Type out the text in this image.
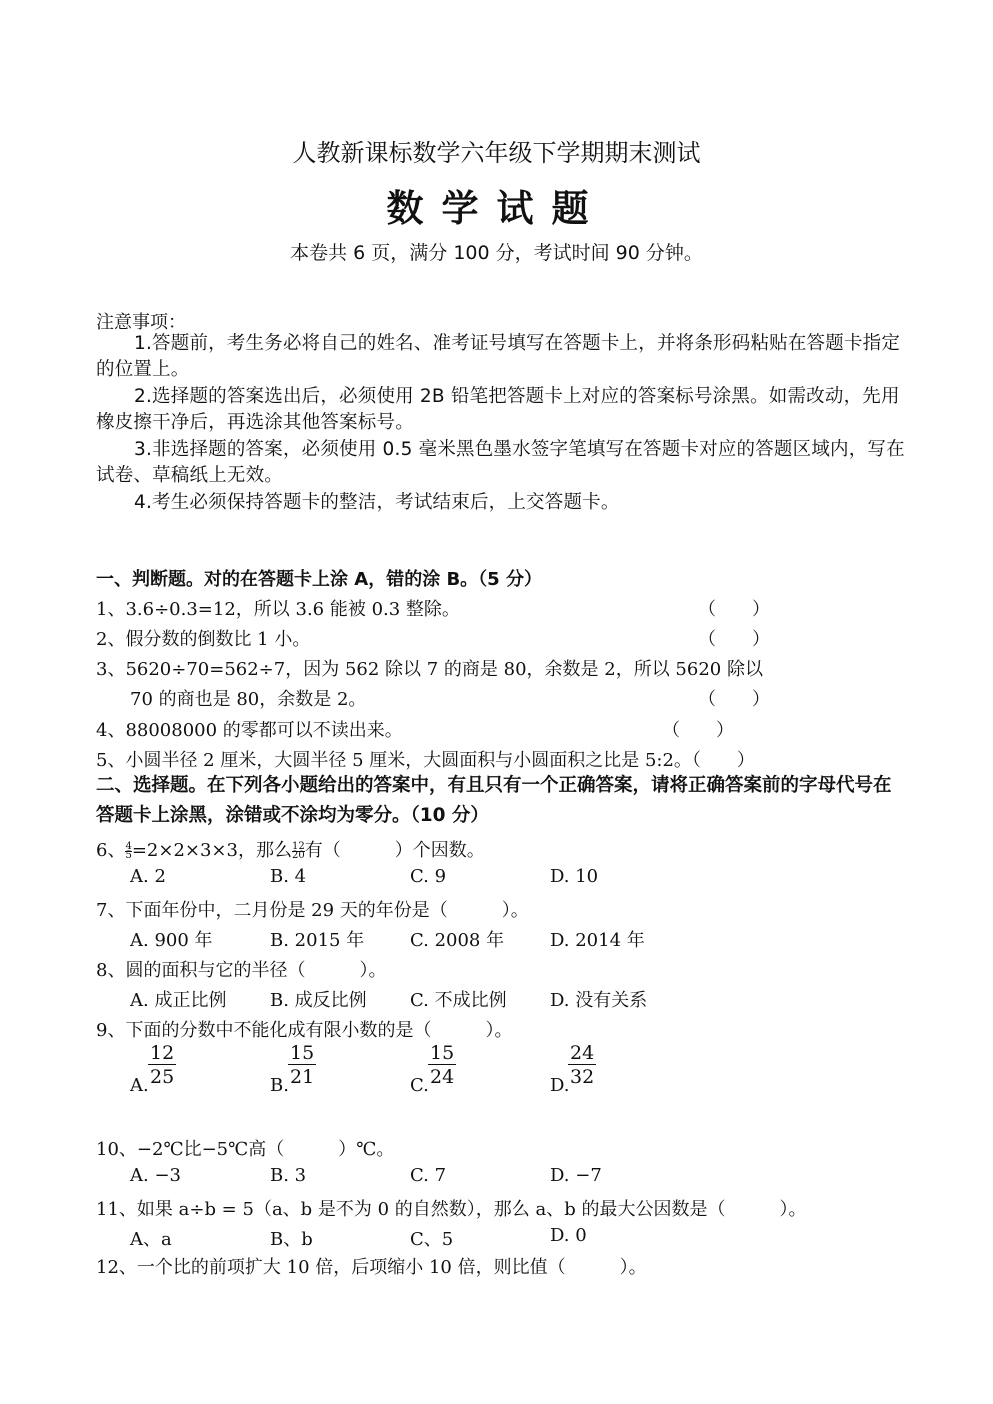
人教新课标数学六年级下学期期末测试
数学试题
本卷共 6 页，满分 100 分，考试时间 90 分钟。
注意事项：
1.答题前，考生务必将自己的姓名、准考证号填写在答题卡上，并将条形码粘贴在答题卡指定的位置上。
2.选择题的答案选出后，必须使用 2B 铅笔把答题卡上对应的答案标号涂黑。如需改动，先用橡皮擦干净后，再选涂其他答案标号。
3.非选择题的答案，必须使用 0.5 毫米黑色墨水签字笔填写在答题卡对应的答题区域内，写在试卷、草稿纸上无效。
4.考生必须保持答题卡的整洁，考试结束后，上交答题卡。
一、判断题。对的在答题卡上涂 A，错的涂 B。（5 分）
1、3.6÷0.3=12，所以 3.6 能被 0.3 整除。	（　　）
2、假分数的倒数比 1 小。	（　　）
3、5620÷70=562÷7，因为 562 除以 7 的商是 80，余数是 2，所以 5620 除以
70 的商也是 80，余数是 2。	（　　）
4、88008000 的零都可以不读出来。	（　　）
5、小圆半径 2 厘米，大圆半径 5 厘米，大圆面积与小圆面积之比是 5:2。（　　）
二、选择题。在下列各小题给出的答案中，有且只有一个正确答案，请将正确答案前的字母代号在答题卡上涂黑，涂错或不涂均为零分。（10 分）
6、 $\frac{4}{5} =2\times 2\times 3\times 3$，那么 $\frac{12}{20}$ 有（　　　）个因数。
A. 2	B. 4	C. 9	D. 10
7、下面年份中，二月份是 29 天的年份是（　　　）。
A. 900 年	B. 2015 年	C. 2008 年	D. 2014 年
8、圆的面积与它的半径（　　　）。
A. 成正比例 B. 成反比例 C. 不成比例 D. 没有关系
9、下面的分数中不能化成有限小数的是（　　　）。
A. $\frac{12}{25}$	B. $\frac{15}{21}$	C. $\frac{15}{24}$	D.
$\frac{24}{32}$
10、−2℃比−5℃高（　　　）℃。
A. −3	B. 3	C. 7	D. −7
11、如果 a÷b = 5（a、b 是不为 0 的自然数），那么 a、b 的最大公因数是（　　　）。
A、a	B、b	C、5	D. 0
12、一个比的前项扩大 10 倍，后项缩小 10 倍，则比值（　　　）。
